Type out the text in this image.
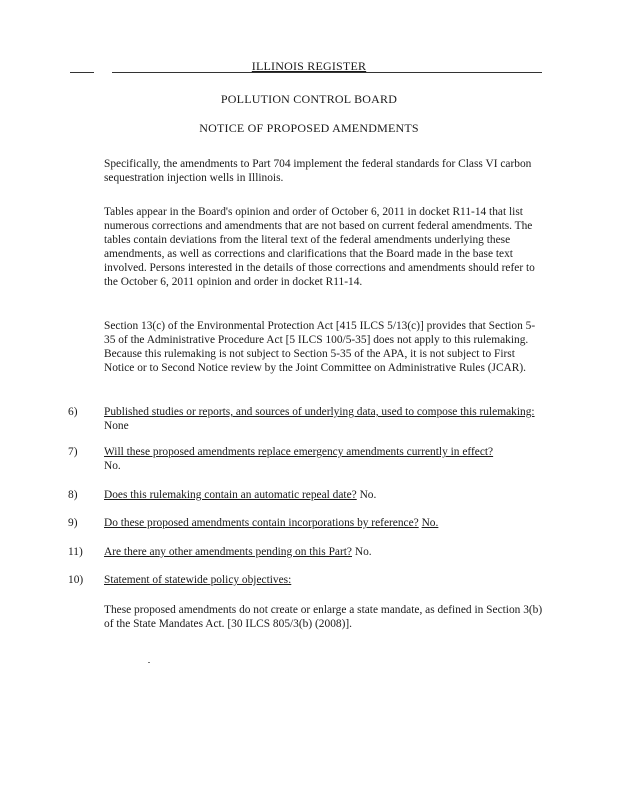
ILLINOIS REGISTER
POLLUTION CONTROL BOARD
NOTICE OF PROPOSED AMENDMENTS

Specifically, the amendments to Part 704 implement the federal standards for Class VI carbon sequestration injection wells in Illinois.

Tables appear in the Board's opinion and order of October 6, 2011 in docket R11-14 that list numerous corrections and amendments that are not based on current federal amendments. The tables contain deviations from the literal text of the federal amendments underlying these amendments, as well as corrections and clarifications that the Board made in the base text involved. Persons interested in the details of those corrections and amendments should refer to the October 6, 2011 opinion and order in docket R11-14.

Section 13(c) of the Environmental Protection Act [415 ILCS 5/13(c)] provides that Section 5-35 of the Administrative Procedure Act [5 ILCS 100/5-35] does not apply to this rulemaking. Because this rulemaking is not subject to Section 5-35 of the APA, it is not subject to First Notice or to Second Notice review by the Joint Committee on Administrative Rules (JCAR).

6)	Published studies or reports, and sources of underlying data, used to compose this rulemaking: None
7)	Will these proposed amendments replace emergency amendments currently in effect?
No.
8)	Does this rulemaking contain an automatic repeal date? No.
9)	Do these proposed amendments contain incorporations by reference? No.
11)	Are there any other amendments pending on this Part? No.
10)	Statement of statewide policy objectives:

These proposed amendments do not create or enlarge a state mandate, as defined in Section 3(b) of the State Mandates Act. [30 ILCS 805/3(b) (2008)].
